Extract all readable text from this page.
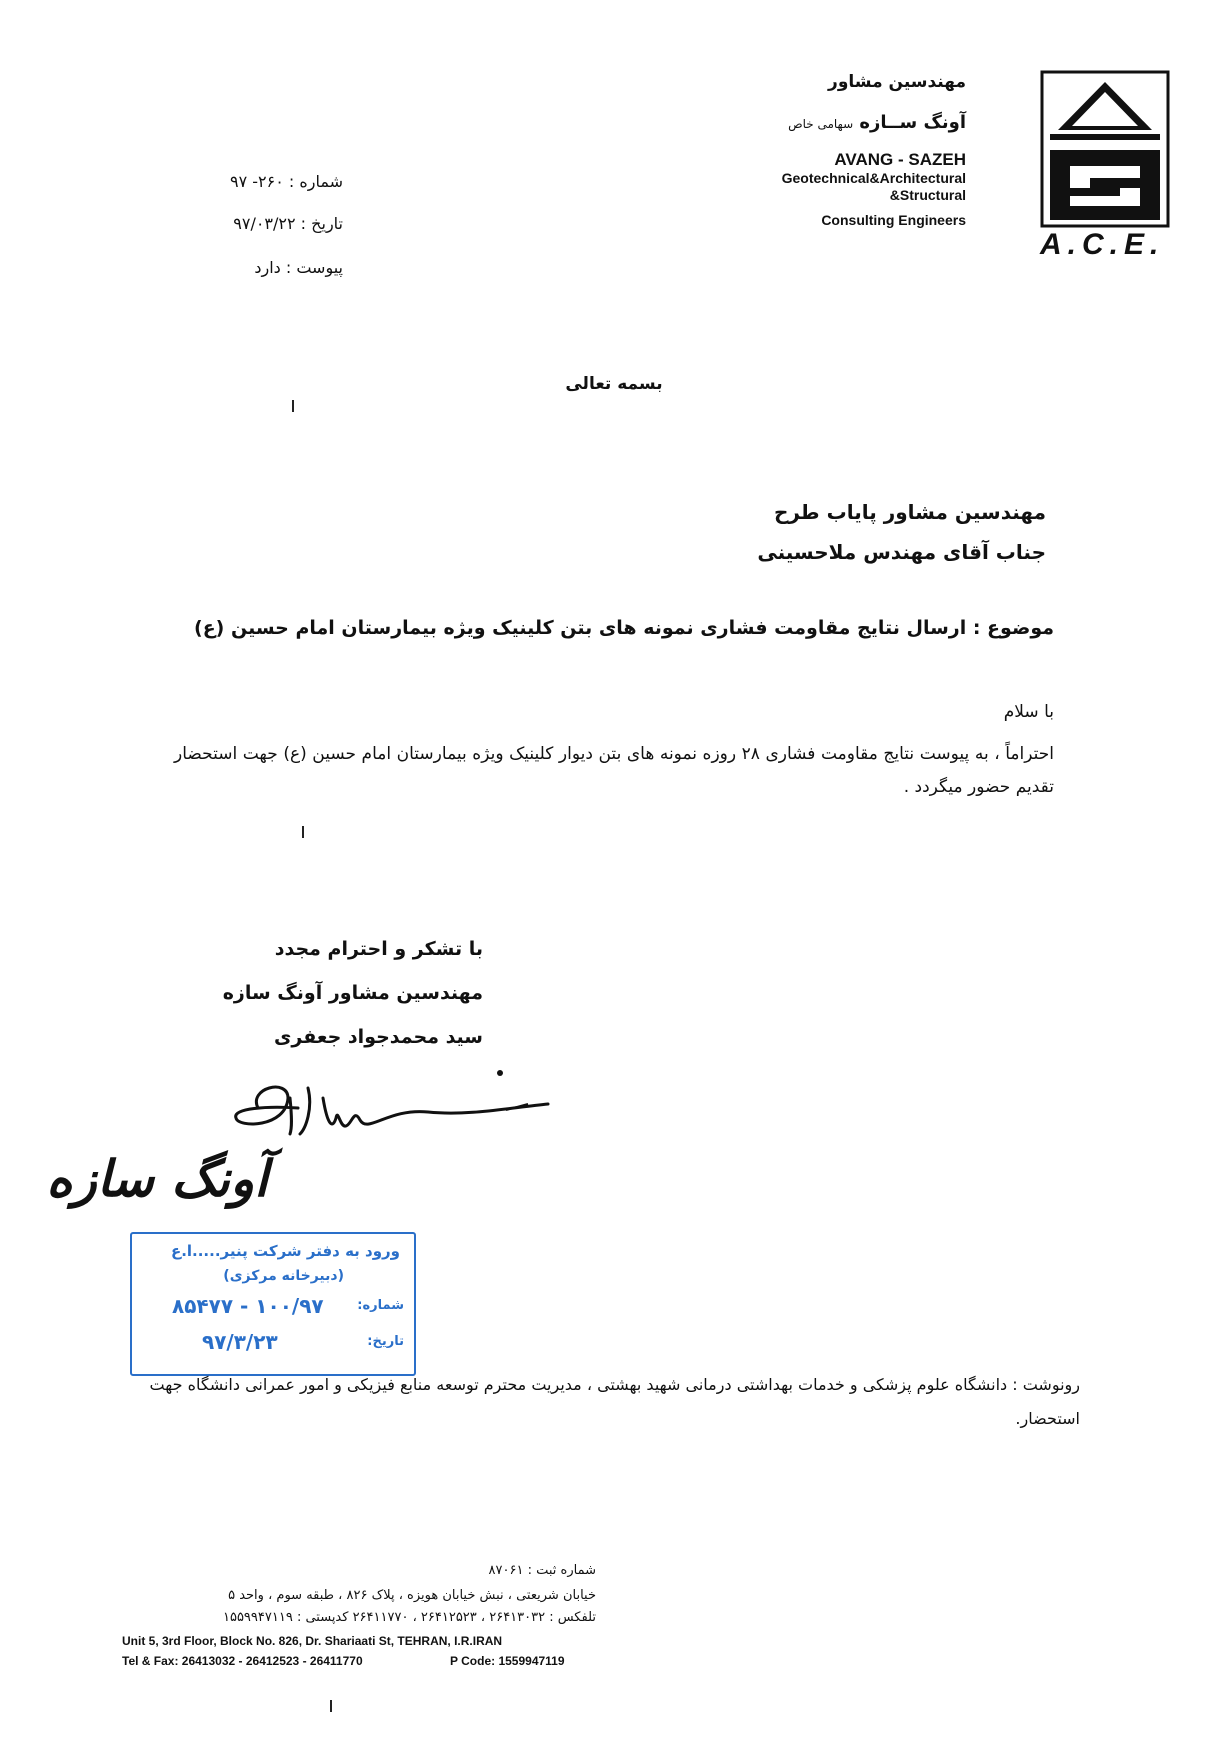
مهندسین مشاور
آونگ ســازه سهامی خاص
AVANG - SAZEH
Geotechnical&Architectural
&Structural
Consulting Engineers
A.C.E.
شماره : ۲۶۰- ۹۷
تاریخ : ۹۷/۰۳/۲۲
پیوست : دارد
بسمه تعالی
مهندسین مشاور پایاب طرح
جناب آقای مهندس ملاحسینی
موضوع : ارسال نتایج مقاومت فشاری نمونه های بتن کلینیک ویژه بیمارستان امام حسین (ع)
با سلام
احتراماً ، به پیوست نتایج مقاومت فشاری ۲۸ روزه نمونه های بتن دیوار کلینیک ویژه بیمارستان امام حسین (ع) جهت استحضار تقدیم حضور میگردد .
با تشکر و احترام مجدد
مهندسین مشاور آونگ سازه
سید محمدجواد جعفری
آونگ سازه
ورود به دفتر شرکت پنیر.....ا.ع
(دبیرخانه مرکزی)
شماره:
۱۰۰/۹۷ - ۸۵۴۷۷
تاریخ:
۹۷/۳/۲۳
رونوشت : دانشگاه علوم پزشکی و خدمات بهداشتی درمانی شهید بهشتی ، مدیریت محترم توسعه منابع فیزیکی و امور عمرانی دانشگاه جهت استحضار.
شماره ثبت : ۸۷۰۶۱
خیابان شریعتی ، نبش خیابان هویزه ، پلاک ۸۲۶ ، طبقه سوم ، واحد ۵
تلفکس : ۲۶۴۱۳۰۳۲ ، ۲۶۴۱۲۵۲۳ ، ۲۶۴۱۱۷۷۰ کدپستی : ۱۵۵۹۹۴۷۱۱۹
Unit 5, 3rd Floor, Block No. 826, Dr. Shariaati St, TEHRAN, I.R.IRAN
Tel & Fax: 26413032 - 26412523 - 26411770	P Code: 1559947119
